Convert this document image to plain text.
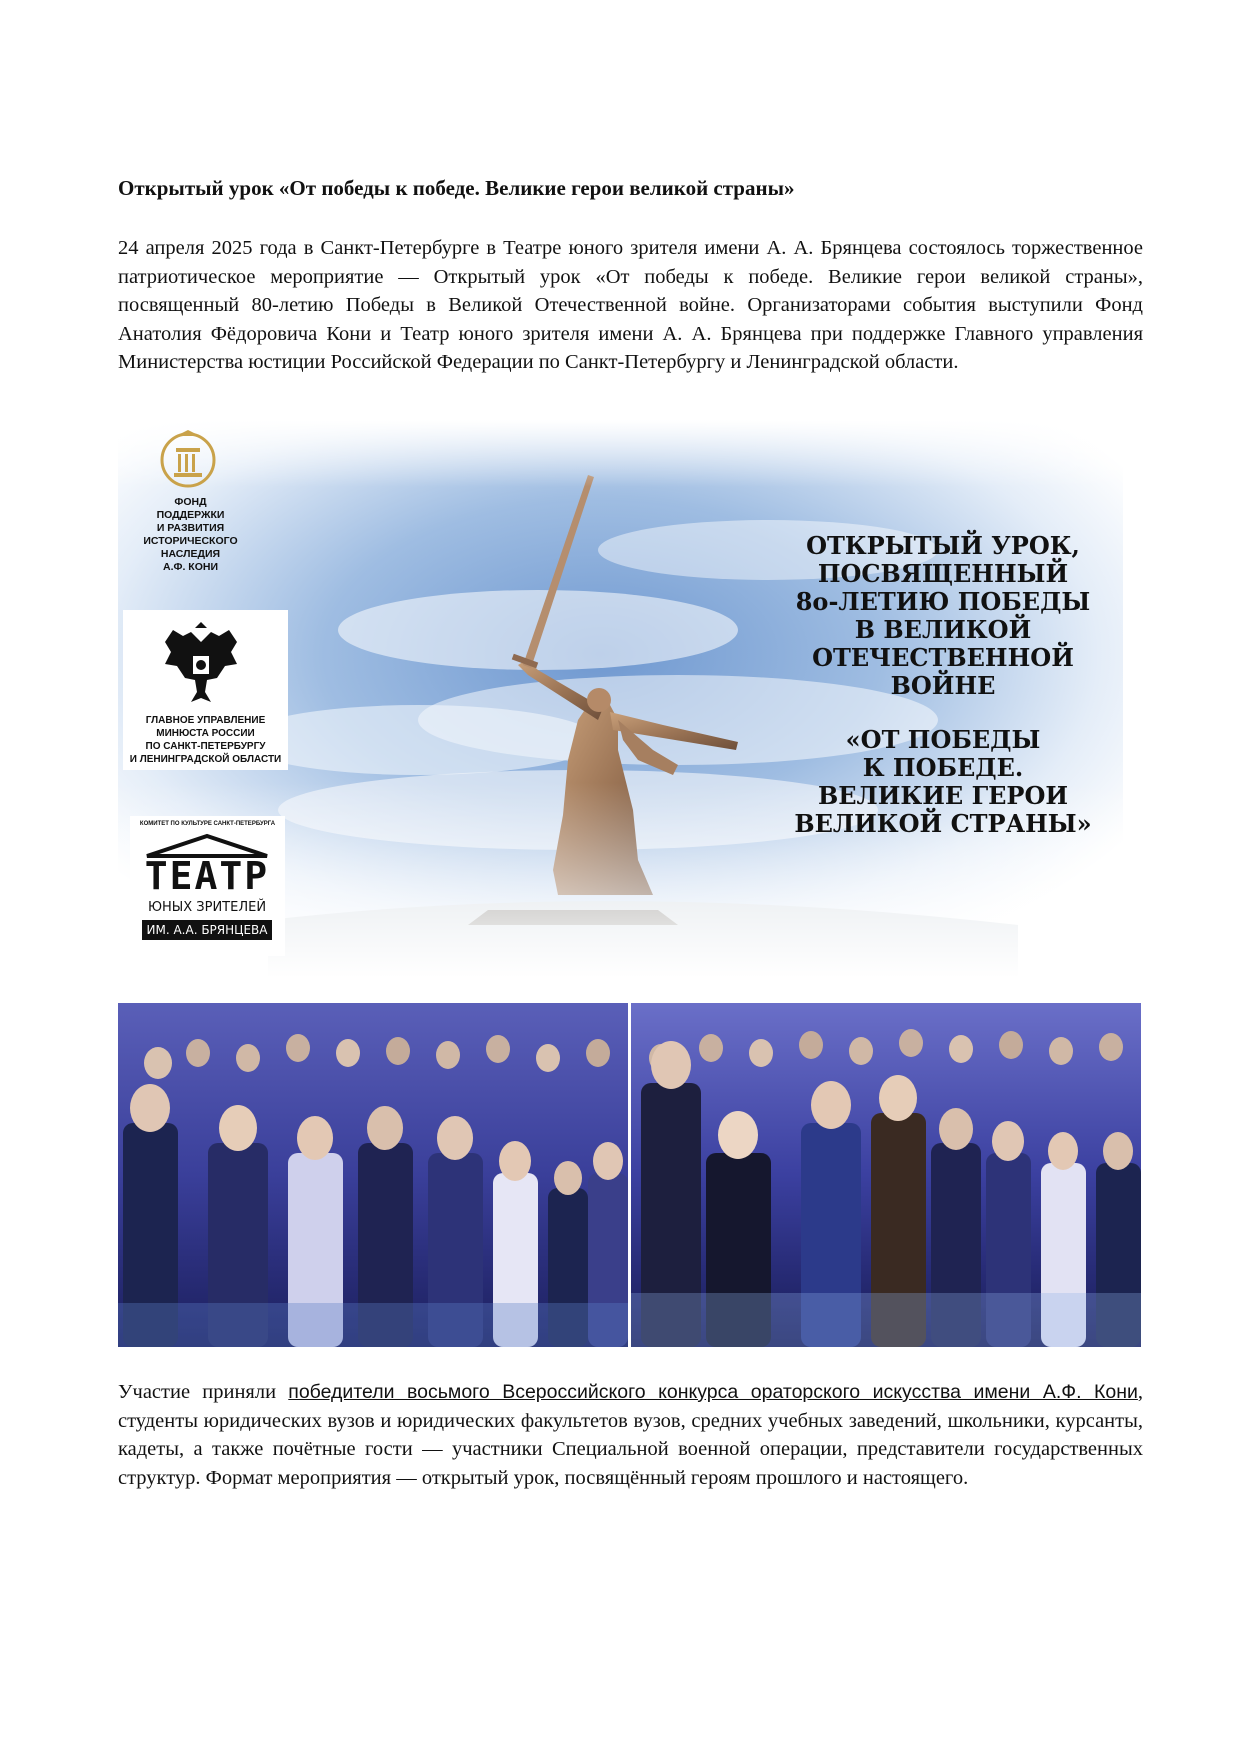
Открытый урок «От победы к победе. Великие герои великой страны»

24 апреля 2025 года в Санкт-Петербурге в Театре юного зрителя имени А. А. Брянцева состоялось торжественное патриотическое мероприятие — Открытый урок «От победы к победе. Великие герои великой страны», посвященный 80-летию Победы в Великой Отечественной войне. Организаторами события выступили Фонд Анатолия Фёдоровича Кони и Театр юного зрителя имени А. А. Брянцева при поддержке Главного управления Министерства юстиции Российской Федерации по Санкт-Петербургу и Ленинградской области.

ФОНД
ПОДДЕРЖКИ
И РАЗВИТИЯ
ИСТОРИЧЕСКОГО НАСЛЕДИЯ
А.Ф. КОНИ
ГЛАВНОЕ УПРАВЛЕНИЕ
МИНЮСТА РОССИИ
ПО САНКТ-ПЕТЕРБУРГУ
И ЛЕНИНГРАДСКОЙ ОБЛАСТИ
КОМИТЕТ ПО КУЛЬТУРЕ САНКТ-ПЕТЕРБУРГА
ТЕАТР
ЮНЫХ ЗРИТЕЛЕЙ
ИМ. А.А. БРЯНЦЕВА

ОТКРЫТЫЙ УРОК,

ПОСВЯЩЕННЫЙ

8о-ЛЕТИЮ ПОБЕДЫ

В ВЕЛИКОЙ

ОТЕЧЕСТВЕННОЙ

ВОЙНЕ

«ОТ ПОБЕДЫ

К ПОБЕДЕ.

ВЕЛИКИЕ ГЕРОИ

ВЕЛИКОЙ СТРАНЫ»

Участие приняли победители восьмого Всероссийского конкурса ораторского искусства имени А.Ф. Кони, студенты юридических вузов и юридических факультетов вузов, средних учебных заведений, школьники, курсанты, кадеты, а также почётные гости — участники Специальной военной операции, представители государственных структур. Формат мероприятия — открытый урок, посвящённый героям прошлого и настоящего.
